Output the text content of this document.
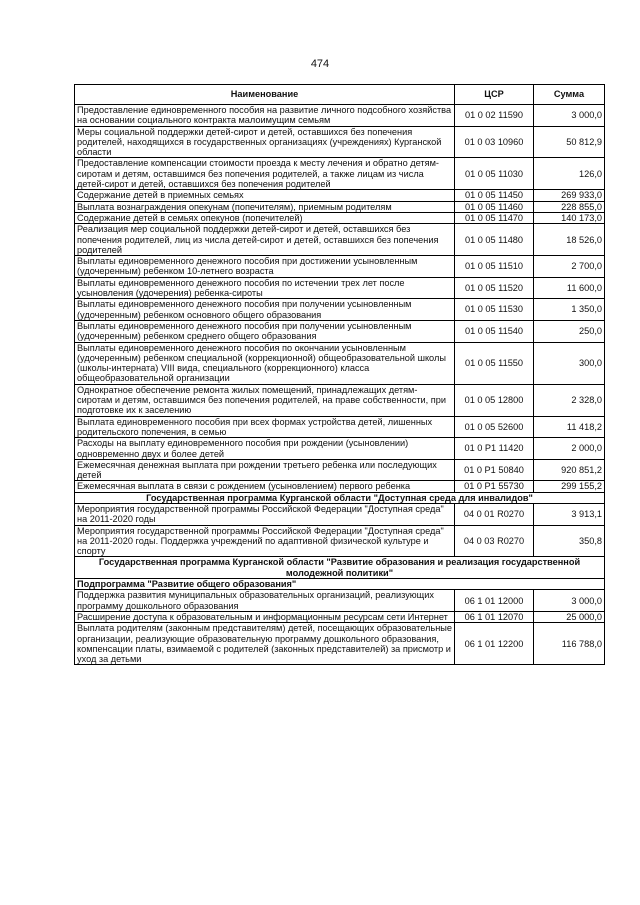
474
Наименование	ЦСР	Сумма
Предоставление единовременного пособия на развитие личного подсобного хозяйства на основании социального контракта малоимущим семьям	01 0 02 11590	3 000,0
Меры социальной поддержки детей-сирот и детей, оставшихся без попечения родителей, находящихся в государственных организациях (учреждениях) Курганской области	01 0 03 10960	50 812,9
Предоставление компенсации стоимости проезда к месту лечения и обратно детям-сиротам и детям, оставшимся без попечения родителей, а также лицам из числа детей-сирот и детей, оставшихся без попечения родителей	01 0 05 11030	126,0
Содержание детей в приемных семьях	01 0 05 11450	269 933,0
Выплата вознаграждения опекунам (попечителям), приемным родителям	01 0 05 11460	228 855,0
Содержание детей в семьях опекунов (попечителей)	01 0 05 11470	140 173,0
Реализация мер социальной поддержки детей-сирот и детей, оставшихся без попечения родителей, лиц из числа детей-сирот и детей, оставшихся без попечения родителей	01 0 05 11480	18 526,0
Выплаты единовременного денежного пособия при достижении усыновленным (удочеренным) ребенком 10-летнего возраста	01 0 05 11510	2 700,0
Выплаты единовременного денежного пособия по истечении трех лет после усыновления (удочерения) ребенка-сироты	01 0 05 11520	11 600,0
Выплаты единовременного денежного пособия при получении усыновленным (удочеренным) ребенком основного общего образования	01 0 05 11530	1 350,0
Выплаты единовременного денежного пособия при получении усыновленным (удочеренным) ребенком среднего общего образования	01 0 05 11540	250,0
Выплаты единовременного денежного пособия по окончании усыновленным (удочеренным) ребенком специальной (коррекционной) общеобразовательной школы (школы-интерната) VIII вида, специального (коррекционного) класса общеобразовательной организации	01 0 05 11550	300,0
Однократное обеспечение ремонта жилых помещений, принадлежащих детям-сиротам и детям, оставшимся без попечения родителей, на праве собственности, при подготовке их к заселению	01 0 05 12800	2 328,0
Выплата единовременного пособия при всех формах устройства детей, лишенных родительского попечения, в семью	01 0 05 52600	11 418,2
Расходы на выплату единовременного пособия при рождении (усыновлении) одновременно двух и более детей	01 0 P1 11420	2 000,0
Ежемесячная денежная выплата при рождении третьего ребенка или последующих детей	01 0 P1 50840	920 851,2
Ежемесячная выплата в связи с рождением (усыновлением) первого ребенка	01 0 P1 55730	299 155,2
Государственная программа Курганской области "Доступная среда для инвалидов"		
Мероприятия государственной программы Российской Федерации "Доступная среда" на 2011-2020 годы	04 0 01 R0270	3 913,1
Мероприятия государственной программы Российской Федерации "Доступная среда" на 2011-2020 годы. Поддержка учреждений по адаптивной физической культуре и спорту	04 0 03 R0270	350,8
Государственная программа Курганской области "Развитие образования и реализация государственной молодежной политики"		
Подпрограмма "Развитие общего образования"		
Поддержка развития муниципальных образовательных организаций, реализующих программу дошкольного образования	06 1 01 12000	3 000,0
Расширение доступа к образовательным и информационным ресурсам сети Интернет	06 1 01 12070	25 000,0
Выплата родителям (законным представителям) детей, посещающих образовательные организации, реализующие образовательную программу дошкольного образования, компенсации платы, взимаемой с родителей (законных представителей) за присмотр и уход за детьми	06 1 01 12200	116 788,0
